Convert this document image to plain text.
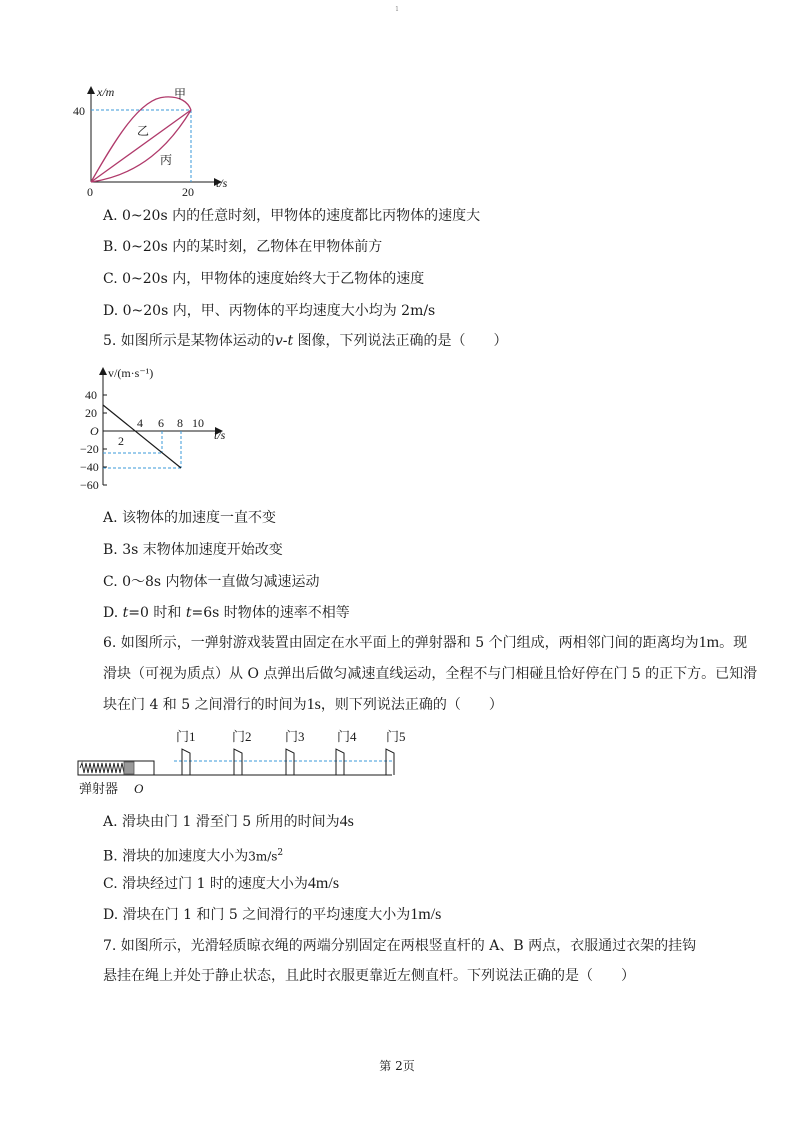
1
x/m
40
0	20
t/s
甲
乙
丙
A. 0~20s 内的任意时刻，甲物体的速度都比丙物体的速度大
B. 0~20s 内的某时刻，乙物体在甲物体前方
C. 0~20s 内，甲物体的速度始终大于乙物体的速度
D. 0~20s 内，甲、丙物体的平均速度大小均为 2m/s
5. 如图所示是某物体运动的v-t 图像，下列说法正确的是（　　）
v/(m·s⁻¹)
40
20
O
−20
−40
−60
2
4 6 8 10
t/s
A. 该物体的加速度一直不变
B. 3s 末物体加速度开始改变
C. 0～8s 内物体一直做匀减速运动
D. t=0 时和 t=6s 时物体的速率不相等
6. 如图所示，一弹射游戏装置由固定在水平面上的弹射器和 5 个门组成，两相邻门间的距离均为1m。现
滑块（可视为质点）从 O 点弹出后做匀减速直线运动，全程不与门相碰且恰好停在门 5 的正下方。已知滑
块在门 4 和 5 之间滑行的时间为1s，则下列说法正确的（　　）
门1	门2	门3 门4 门5
弹射器 O
A. 滑块由门 1 滑至门 5 所用的时间为4s
B. 滑块的加速度大小为$3m/s^2$
C. 滑块经过门 1 时的速度大小为4m/s
D. 滑块在门 1 和门 5 之间滑行的平均速度大小为1m/s
7. 如图所示，光滑轻质晾衣绳的两端分别固定在两根竖直杆的 A、B 两点，衣服通过衣架的挂钩悬挂在绳上并处于静止状态，且此时衣服更靠近左侧直杆。下列说法正确的是（　　）
第 2页
